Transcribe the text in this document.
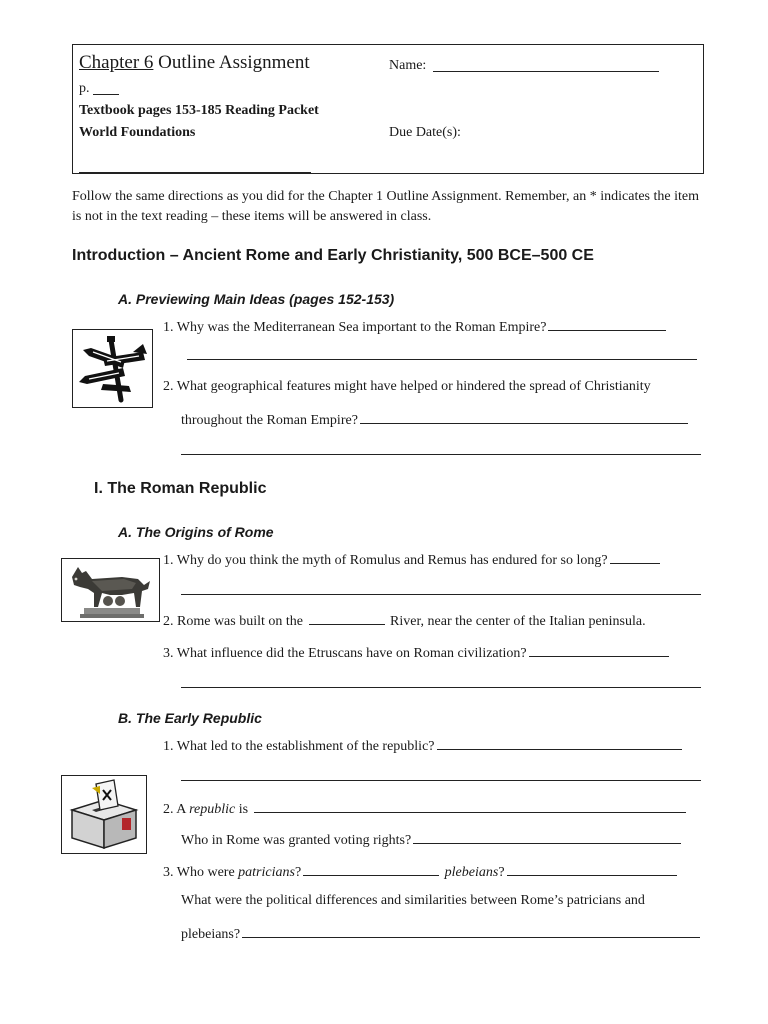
Chapter 6 Outline Assignment	Name:
p.
Textbook pages 153-185 Reading Packet
World Foundations	Due Date(s):
Follow the same directions as you did for the Chapter 1 Outline Assignment. Remember, an * indicates the item is not in the text reading – these items will be answered in class.
Introduction – Ancient Rome and Early Christianity, 500 BCE–500 CE
A. Previewing Main Ideas (pages 152-153)
1. Why was the Mediterranean Sea important to the Roman Empire?
2. What geographical features might have helped or hindered the spread of Christianity
throughout the Roman Empire?
I. The Roman Republic
A. The Origins of Rome
1. Why do you think the myth of Romulus and Remus has endured for so long?
2. Rome was built on the	River, near the center of the Italian peninsula.
3. What influence did the Etruscans have on Roman civilization?
B. The Early Republic
1. What led to the establishment of the republic?
2. A republic is
Who in Rome was granted voting rights?
3. Who were patricians?	plebeians?
What were the political differences and similarities between Rome’s patricians and
plebeians?
